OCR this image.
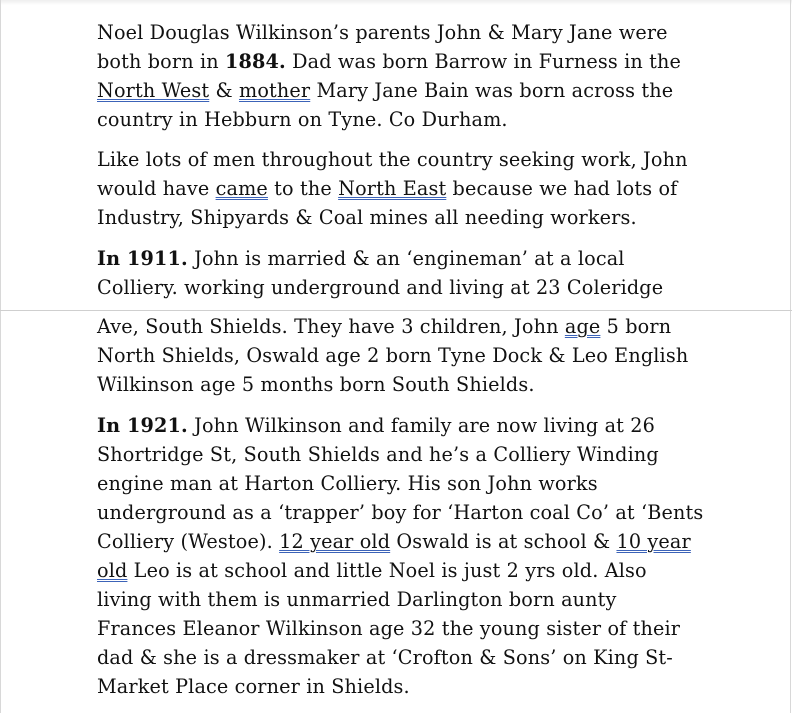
Noel Douglas Wilkinson’s parents John & Mary Jane were
both born in 1884. Dad was born Barrow in Furness in the
North West & mother Mary Jane Bain was born across the
country in Hebburn on Tyne. Co Durham.
Like lots of men throughout the country seeking work, John
would have came to the North East because we had lots of
Industry, Shipyards & Coal mines all needing workers.
In 1911. John is married & an ‘engineman’ at a local
Colliery. working underground and living at 23 Coleridge
Ave, South Shields. They have 3 children, John age 5 born
North Shields, Oswald age 2 born Tyne Dock & Leo English
Wilkinson age 5 months born South Shields.
In 1921. John Wilkinson and family are now living at 26
Shortridge St, South Shields and he’s a Colliery Winding
engine man at Harton Colliery. His son John works
underground as a ‘trapper’ boy for ‘Harton coal Co’ at ‘Bents
Colliery (Westoe). 12 year old Oswald is at school & 10 year
old Leo is at school and little Noel is just 2 yrs old. Also
living with them is unmarried Darlington born aunty
Frances Eleanor Wilkinson age 32 the young sister of their
dad & she is a dressmaker at ‘Crofton & Sons’ on King St-
Market Place corner in Shields.
